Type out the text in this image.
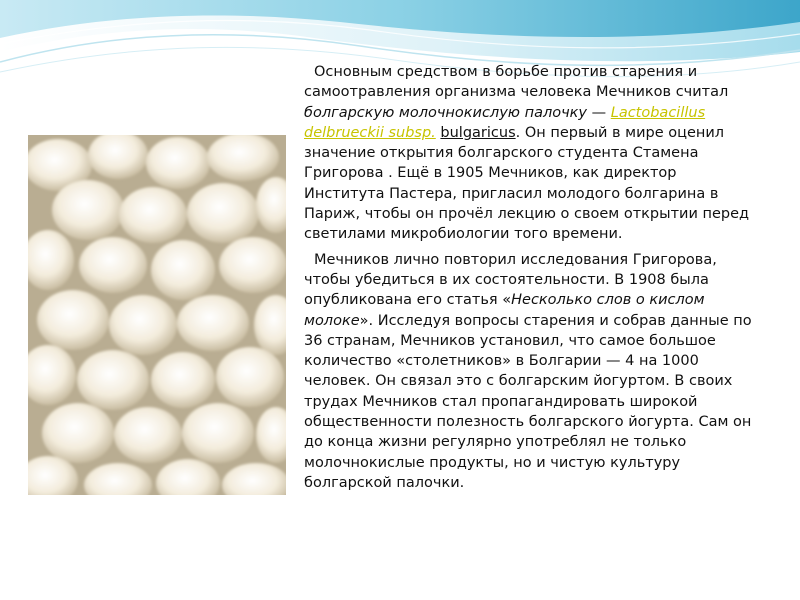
Основным средством в борьбе против старения и самоотравления организма человека Мечников считал болгарскую молочнокислую палочку — Lactobacillus delbrueckii subsp. bulgaricus. Он первый в мире оценил значение открытия болгарского студента Стамена Григорова . Ещё в 1905 Мечников, как директор Института Пастера, пригласил молодого болгарина в Париж, чтобы он прочёл лекцию о своем открытии перед светилами микробиологии того времени.

Мечников лично повторил исследования Григорова, чтобы убедиться в их состоятельности. В 1908 была опубликована его статья «Несколько слов о кислом молоке». Исследуя вопросы старения и собрав данные по 36 странам, Мечников установил, что самое большое количество «столетников» в Болгарии — 4 на 1000 человек. Он связал это с болгарским йогуртом. В своих трудах Мечников стал пропагандировать широкой общественности полезность болгарского йогурта. Сам он до конца жизни регулярно употреблял не только молочнокислые продукты, но и чистую культуру болгарской палочки.
